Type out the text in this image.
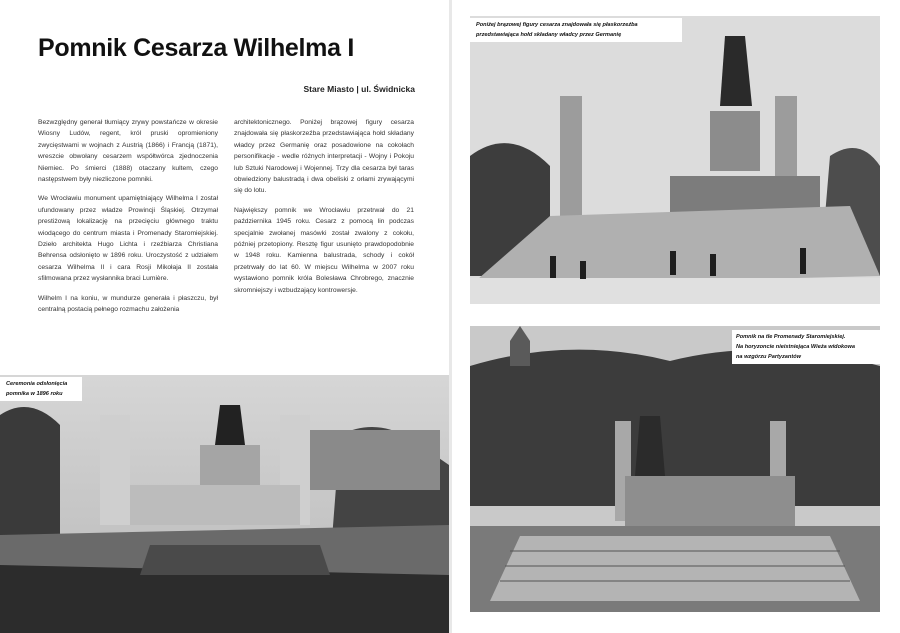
Pomnik Cesarza Wilhelma I
Stare Miasto | ul. Świdnicka

Bezwzględny generał tłumiący zrywy powstańcze w okresie Wiosny Ludów, regent, król pruski opromieniony zwycięstwami w wojnach z Austrią (1866) i Francją (1871), wreszcie obwołany cesarzem współtwórca zjednoczenia Niemiec. Po śmierci (1888) otaczany kultem, czego następstwem były niezliczone pomniki.

We Wrocławiu monument upamiętniający Wilhelma I został ufundowany przez władze Prowincji Śląskiej. Otrzymał prestiżową lokalizację na przecięciu głównego traktu wiodącego do centrum miasta i Promenady Staromiejskiej. Dzieło architekta Hugo Lichta i rzeźbiarza Christiana Behrensa odsłonięto w 1896 roku. Uroczystość z udziałem cesarza Wilhelma II i cara Rosji Mikołaja II została sfilmowana przez wysłannika braci Lumière.

Wilhelm I na koniu, w mundurze generała i płaszczu, był centralną postacią pełnego rozmachu założenia

architektonicznego. Poniżej brązowej figury cesarza znajdowała się płaskorzeźba przedstawiająca hołd składany władcy przez Germanię oraz posadowione na cokołach personifikacje - wedle różnych interpretacji - Wojny i Pokoju lub Sztuki Narodowej i Wojennej. Trzy dla cesarza był taras obwiedziony balustradą i dwa obeliski z orłami zrywającymi się do lotu.

Największy pomnik we Wrocławiu przetrwał do 21 października 1945 roku. Cesarz z pomocą lin podczas specjalnie zwołanej masówki został zwalony z cokołu, później przetopiony. Resztę figur usunięto prawdopodobnie w 1948 roku. Kamienna balustrada, schody i cokół przetrwały do lat 60. W miejscu Wilhelma w 2007 roku wystawiono pomnik króla Bolesława Chrobrego, znacznie skromniejszy i wzbudzający kontrowersje.

Ceremonia odsłonięcia
pomnika w 1896 roku
Poniżej brązowej figury cesarza znajdowała się płaskorzeźba
przedstawiająca hołd składany władcy przez Germanię
Pomnik na tle Promenady Staromiejskiej.
Na horyzoncie nieistniejąca Wieża widokowa
na wzgórzu Partyzantów
